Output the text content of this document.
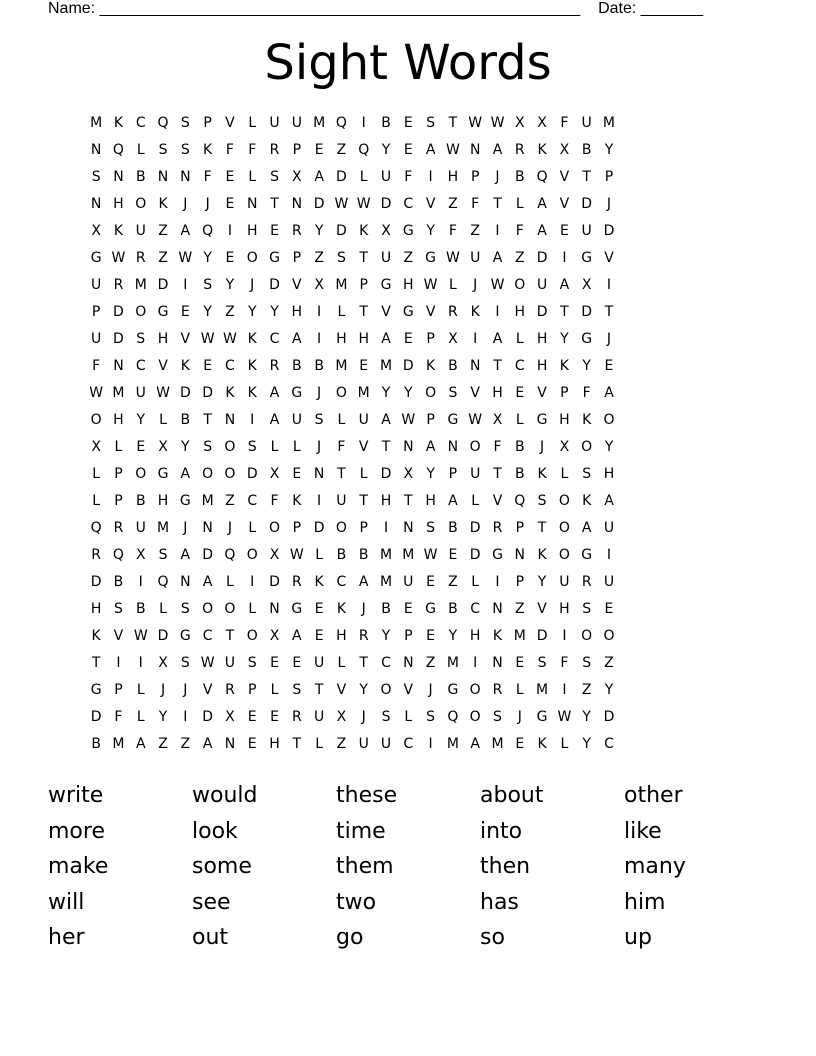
Name: ______________________________________________________ Date: _______
Sight Words
M K C Q S P V L U U M Q	I	B E S T W W X X F U M
N Q L S S K F	F R P E Z Q Y E A W N A R K X B Y
S N B N N F E L S X A D L U F	I	H P	J	B Q V T P
N H O K	J	J	E N T N D W W D C V Z F T	L A V D	J
X K U Z A Q	I	H E R Y D K X G Y F Z	I	F A E U D
G W R Z W Y E O G P Z S T U Z G W U A Z D	I	G V
U R M D	I	S Y	J	D V X M P G H W L	J W O U A X	I
P D O G E Y Z Y Y H	I	L	T V G V R K	I	H D T D T
U D S H V W W K C A	I	H H A E P X	I	A L H Y G	J
F N C V K E C K R B B M E M D K B N T C H K Y E
W M U W D D K K A G	J	O M Y Y O S V H E V P	F A
O H Y	L B T N	I	A U S L U A W P G W X L G H K O
X L E X Y S O S L	L	J	F V T N A N O F B	J	X O Y
L	P O G A O O D X E N T	L D X Y P U T B K L S H
L	P B H G M Z C F K	I	U T H T H A L V Q S O K A
Q R U M	J	N	J	L O P D O P	I	N S B D R P T O A U
R Q X S A D Q O X W L B B M M W E D G N K O G	I
D B	I	Q N A L	I	D R K C A M U E Z L	I	P Y U R U
H S B L S O O L N G E K	J	B E G B C N Z V H S E
K V W D G C T O X A E H R Y P E Y H K M D	I	O O
T	I	I	X S W U S E E U L	T C N Z M	I	N E S F S Z
G P	L	J	J	V R P	L S T V Y O V	J	G O R L M	I	Z Y
D F	L	Y	I	D X E E R U X	J	S L S Q O S	J	G W Y D
B M A Z Z A N E H T	L Z U U C	I	M A M E K L	Y C
write	would	these	about	other
more	look	time	into	like
make	some	them	then	many
will	see	two	has	him
her	out	go	so	up
